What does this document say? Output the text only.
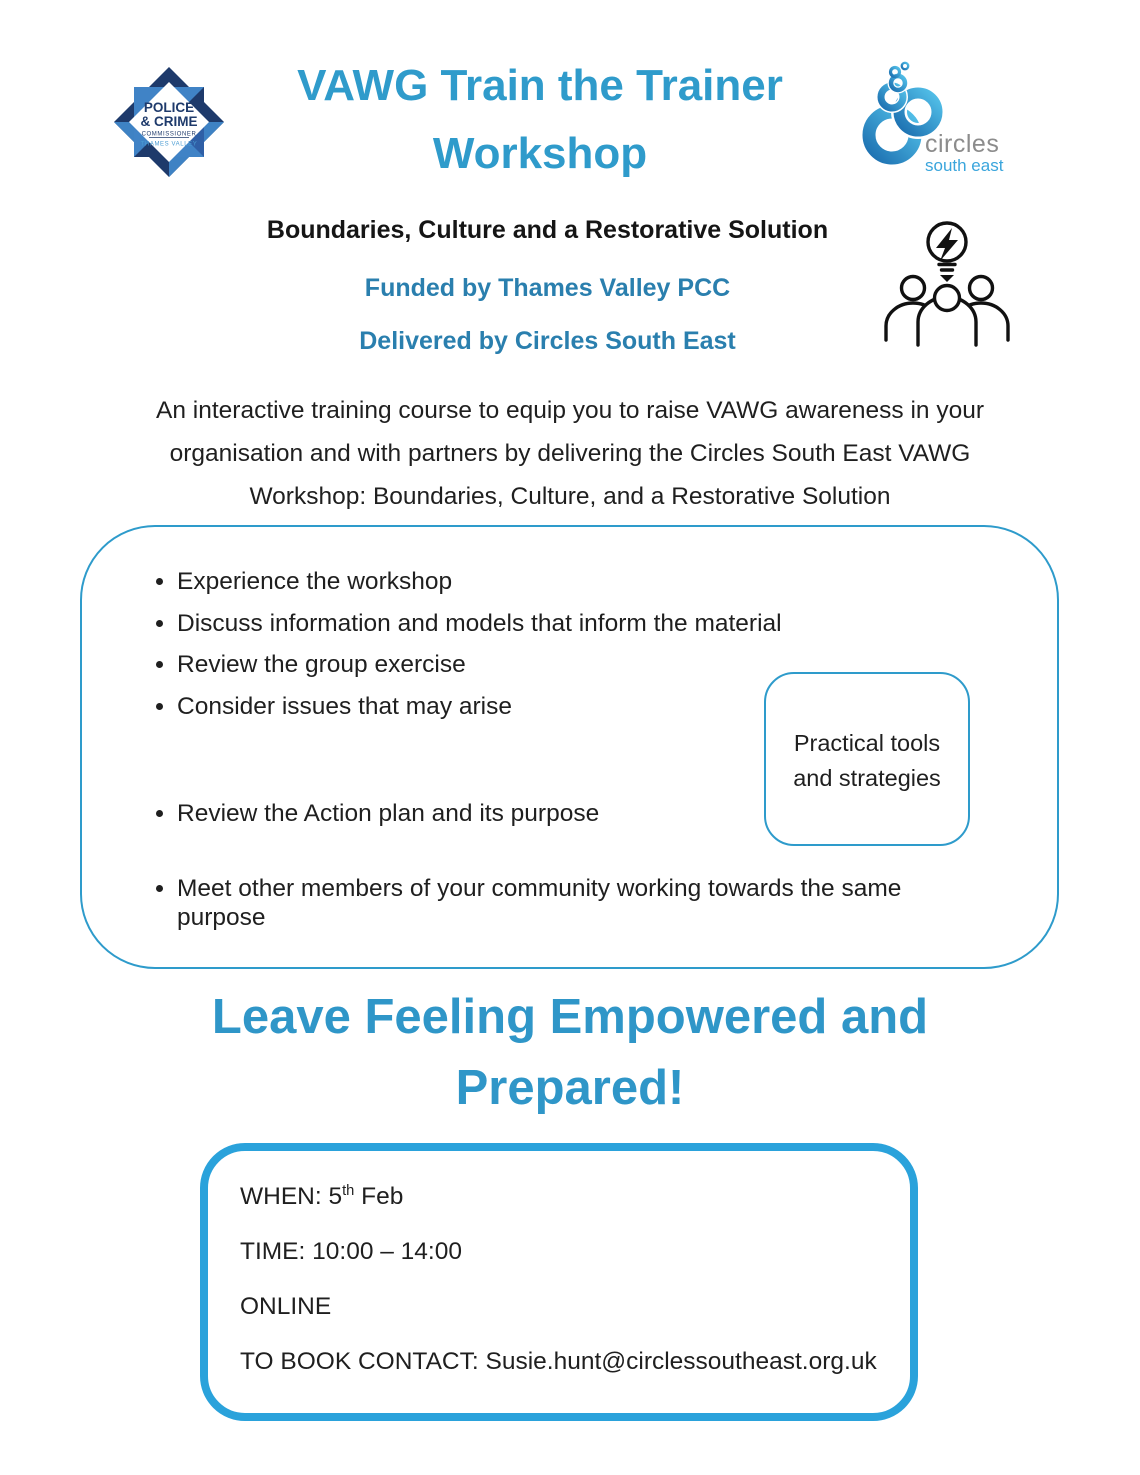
POLICE
& CRIME
COMMISSIONER
THAMES VALLEY
VAWG Train the Trainer
Workshop	circles
south east
Boundaries, Culture and a Restorative Solution
Funded by Thames Valley PCC
Delivered by Circles South East
An interactive training course to equip you to raise VAWG awareness in your
organisation and with partners by delivering the Circles South East VAWG
Workshop: Boundaries, Culture, and a Restorative Solution
• Experience the workshop
• Discuss information and models that inform the material
• Review the group exercise
• Consider issues that may arise
Practical tools
and strategies
• Review the Action plan and its purpose
• Meet other members of your community working towards the same purpose
Leave Feeling Empowered and
Prepared!
WHEN: 5th Feb
TIME: 10:00 – 14:00
ONLINE
TO BOOK CONTACT: Susie.hunt@circlessoutheast.org.uk
